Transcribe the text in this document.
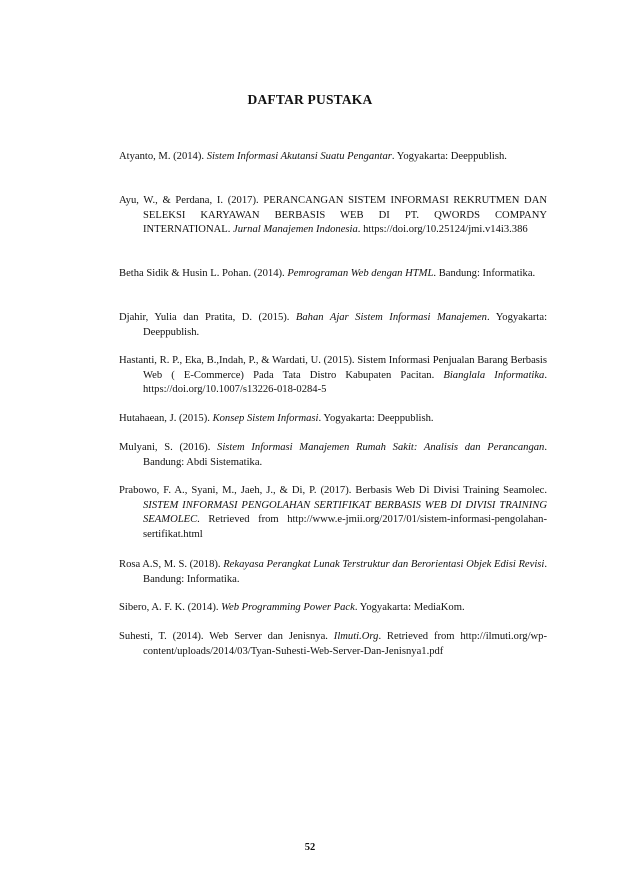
DAFTAR PUSTAKA
Atyanto, M. (2014). Sistem Informasi Akutansi Suatu Pengantar. Yogyakarta: Deeppublish.
Ayu, W., & Perdana, I. (2017). PERANCANGAN SISTEM INFORMASI REKRUTMEN DAN SELEKSI KARYAWAN BERBASIS WEB DI PT. QWORDS COMPANY INTERNATIONAL. Jurnal Manajemen Indonesia. https://doi.org/10.25124/jmi.v14i3.386
Betha Sidik & Husin L. Pohan. (2014). Pemrograman Web dengan HTML. Bandung: Informatika.
Djahir, Yulia dan Pratita, D. (2015). Bahan Ajar Sistem Informasi Manajemen. Yogyakarta: Deeppublish.
Hastanti, R. P., Eka, B.,Indah, P., & Wardati, U. (2015). Sistem Informasi Penjualan Barang Berbasis Web ( E-Commerce) Pada Tata Distro Kabupaten Pacitan. Bianglala Informatika. https://doi.org/10.1007/s13226-018-0284-5
Hutahaean, J. (2015). Konsep Sistem Informasi. Yogyakarta: Deeppublish.
Mulyani, S. (2016). Sistem Informasi Manajemen Rumah Sakit: Analisis dan Perancangan. Bandung: Abdi Sistematika.
Prabowo, F. A., Syani, M., Jaeh, J., & Di, P. (2017). Berbasis Web Di Divisi Training Seamolec. SISTEM INFORMASI PENGOLAHAN SERTIFIKAT BERBASIS WEB DI DIVISI TRAINING SEAMOLEC. Retrieved from http://www.e-jmii.org/2017/01/sistem-informasi-pengolahan-sertifikat.html
Rosa A.S, M. S. (2018). Rekayasa Perangkat Lunak Terstruktur dan Berorientasi Objek Edisi Revisi. Bandung: Informatika.
Sibero, A. F. K. (2014). Web Programming Power Pack. Yogyakarta: MediaKom.
Suhesti, T. (2014). Web Server dan Jenisnya. Ilmuti.Org. Retrieved from http://ilmuti.org/wp-content/uploads/2014/03/Tyan-Suhesti-Web-Server-Dan-Jenisnya1.pdf
52
